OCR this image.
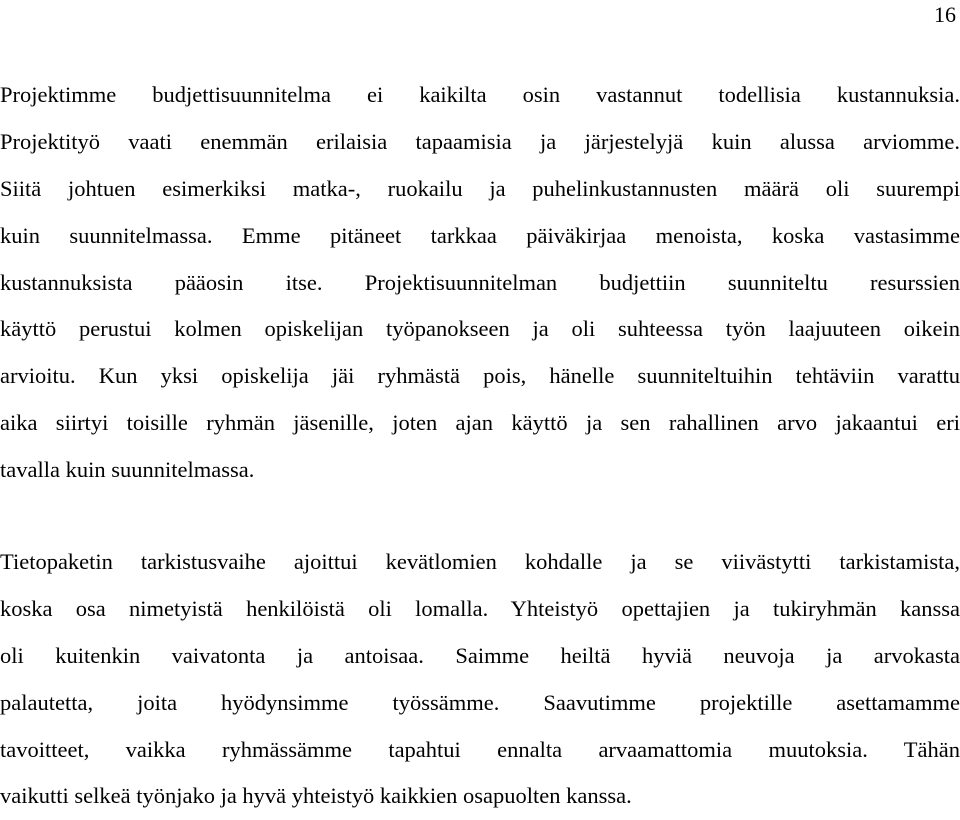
16
Projektimme budjettisuunnitelma ei kaikilta osin vastannut todellisia kustannuksia.
Projektityö vaati enemmän erilaisia tapaamisia ja järjestelyjä kuin alussa arviomme.
Siitä johtuen esimerkiksi matka-, ruokailu ja puhelinkustannusten määrä oli suurempi
kuin suunnitelmassa. Emme pitäneet tarkkaa päiväkirjaa menoista, koska vastasimme
kustannuksista pääosin itse. Projektisuunnitelman budjettiin suunniteltu resurssien
käyttö perustui kolmen opiskelijan työpanokseen ja oli suhteessa työn laajuuteen oikein
arvioitu. Kun yksi opiskelija jäi ryhmästä pois, hänelle suunniteltuihin tehtäviin varattu
aika siirtyi toisille ryhmän jäsenille, joten ajan käyttö ja sen rahallinen arvo jakaantui eri
tavalla kuin suunnitelmassa.
Tietopaketin tarkistusvaihe ajoittui kevätlomien kohdalle ja se viivästytti tarkistamista,
koska osa nimetyistä henkilöistä oli lomalla. Yhteistyö opettajien ja tukiryhmän kanssa
oli kuitenkin vaivatonta ja antoisaa. Saimme heiltä hyviä neuvoja ja arvokasta
palautetta, joita hyödynsimme työssämme. Saavutimme projektille asettamamme
tavoitteet, vaikka ryhmässämme tapahtui ennalta arvaamattomia muutoksia. Tähän
vaikutti selkeä työnjako ja hyvä yhteistyö kaikkien osapuolten kanssa.
